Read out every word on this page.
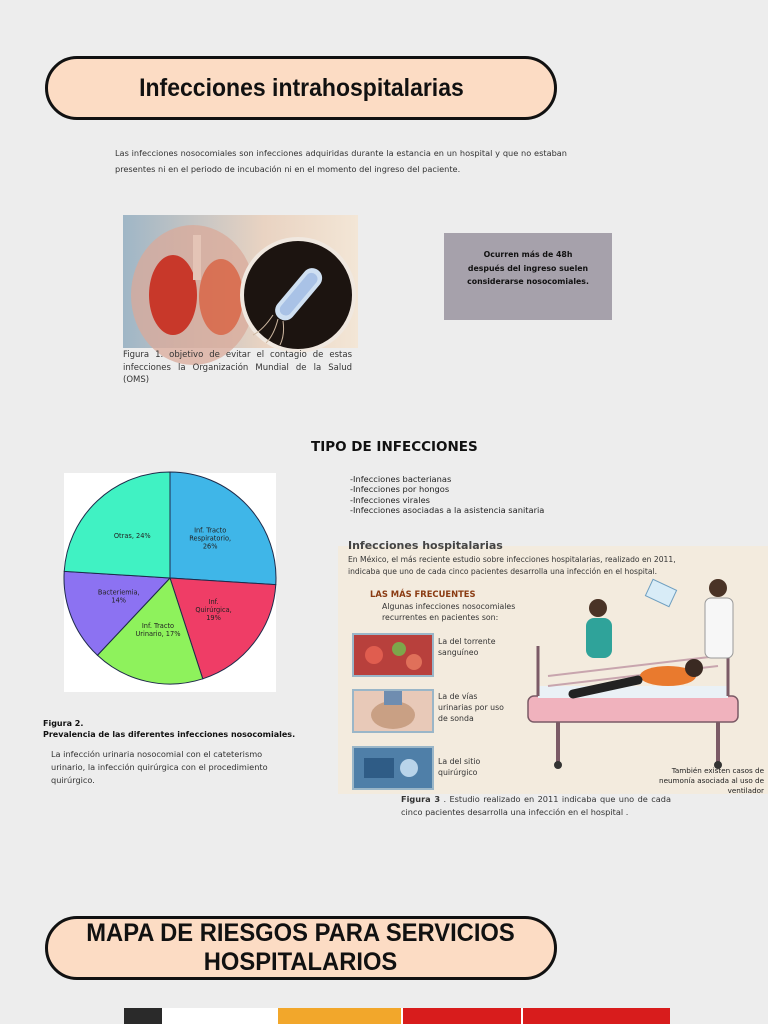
Infecciones intrahospitalarias
Las infecciones nosocomiales son infecciones adquiridas durante la estancia en un hospital y que no estaban presentes ni en el periodo de incubación ni en el momento del ingreso del paciente.
Figura 1. objetivo de evitar el contagio de estas infecciones la Organización Mundial de la Salud (OMS)
Ocurren más de 48h
después del ingreso suelen
considerarse nosocomiales.
TIPO DE INFECCIONES
-Infecciones bacterianas
-Infecciones por hongos
-Infecciones virales
-Infecciones asociadas a la asistencia sanitaria
Inf. Tracto Respiratorio, 26%
Inf. Quirúrgica, 19%
Inf. Tracto Urinario, 17%
Bacteriemia, 14%
Otras, 24%
Figura 2.
Prevalencia de las diferentes infecciones nosocomiales.
La infección urinaria nosocomial con el cateterismo urinario, la infección quirúrgica con el procedimiento quirúrgico.
Infecciones hospitalarias
En México, el más reciente estudio sobre infecciones hospitalarias, realizado en 2011, indicaba que uno de cada cinco pacientes desarrolla una infección en el hospital.
LAS MÁS FRECUENTES
Algunas infecciones nosocomiales recurrentes en pacientes son:
La del torrente sanguíneo
La de vías urinarias por uso de sonda
La del sitio quirúrgico	También existen casos de neumonía asociada al uso de ventilador
Figura 3 . Estudio realizado en 2011 indicaba que uno de cada cinco pacientes desarrolla una infección en el hospital .
MAPA DE RIESGOS PARA SERVICIOS
HOSPITALARIOS
